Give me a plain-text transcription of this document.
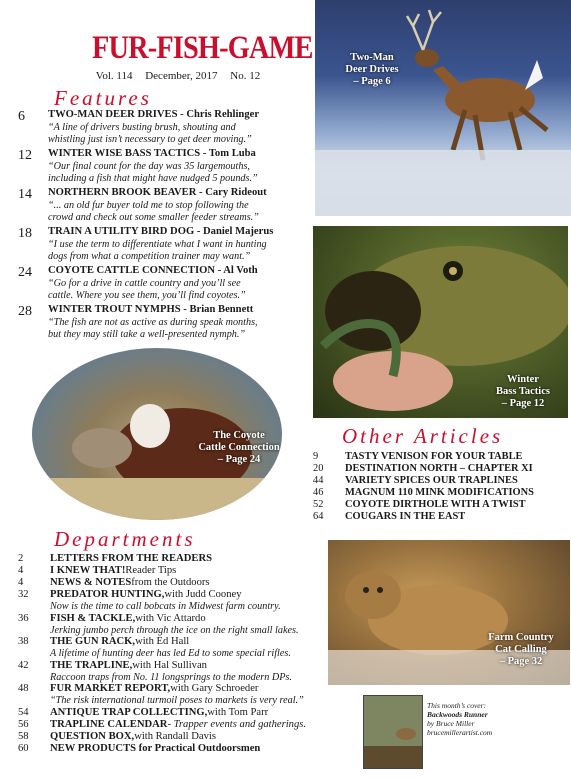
FUR-FISH-GAME
Vol. 114 December, 2017 No. 12
Features
6	TWO-MAN DEER DRIVES - Chris Rehlinger
“A line of drivers busting brush, shouting and
whistling just isn’t necessary to get deer moving.”
12	WINTER WISE BASS TACTICS - Tom Luba
“Our final count for the day was 35 largemouths,
including a fish that might have nudged 5 pounds.”
14	NORTHERN BROOK BEAVER - Cary Rideout
“... an old fur buyer told me to stop following the
crowd and check out some smaller feeder streams.”
18	TRAIN A UTILITY BIRD DOG - Daniel Majerus
“I use the term to differentiate what I want in hunting
dogs from what a competition trainer may want.”
24	COYOTE CATTLE CONNECTION - Al Voth
“Go for a drive in cattle country and you’ll see
cattle. Where you see them, you’ll find coyotes.”
28	WINTER TROUT NYMPHS - Brian Bennett
“The fish are not as active as during speak months,
but they may still take a well-presented nymph.”
Two-Man
Deer Drives
– Page 6
Winter
Bass Tactics
– Page 12
The Coyote
Cattle Connection
– Page 24
Other Articles
9	TASTY VENISON FOR YOUR TABLE
20	DESTINATION NORTH – CHAPTER XI
44	VARIETY SPICES OUR TRAPLINES
46	MAGNUM 110 MINK MODIFICATIONS
52	COYOTE DIRTHOLE WITH A TWIST
64	COUGARS IN THE EAST
Departments
2	LETTERS FROM THE READERS
4	I KNEW THAT! Reader Tips
4	NEWS & NOTES from the Outdoors
32	PREDATOR HUNTING, with Judd Cooney
Now is the time to call bobcats in Midwest farm country.
36	FISH & TACKLE, with Vic Attardo
Jerking jumbo perch through the ice on the right small lakes.
38	THE GUN RACK, with Ed Hall
A lifetime of hunting deer has led Ed to some special rifles.
42	THE TRAPLINE, with Hal Sullivan
Raccoon traps from No. 11 longsprings to the modern DPs.
48	FUR MARKET REPORT, with Gary Schroeder
“The risk international turmoil poses to markets is very real.”
54	ANTIQUE TRAP COLLECTING, with Tom Parr
56	TRAPLINE CALENDAR - Trapper events and gatherings.
58	QUESTION BOX, with Randall Davis
60	NEW PRODUCTS for Practical Outdoorsmen
Farm Country
Cat Calling
– Page 32
This month’s cover:
Backwoods Runner
by Bruce Miller
brucemillerartist.com
